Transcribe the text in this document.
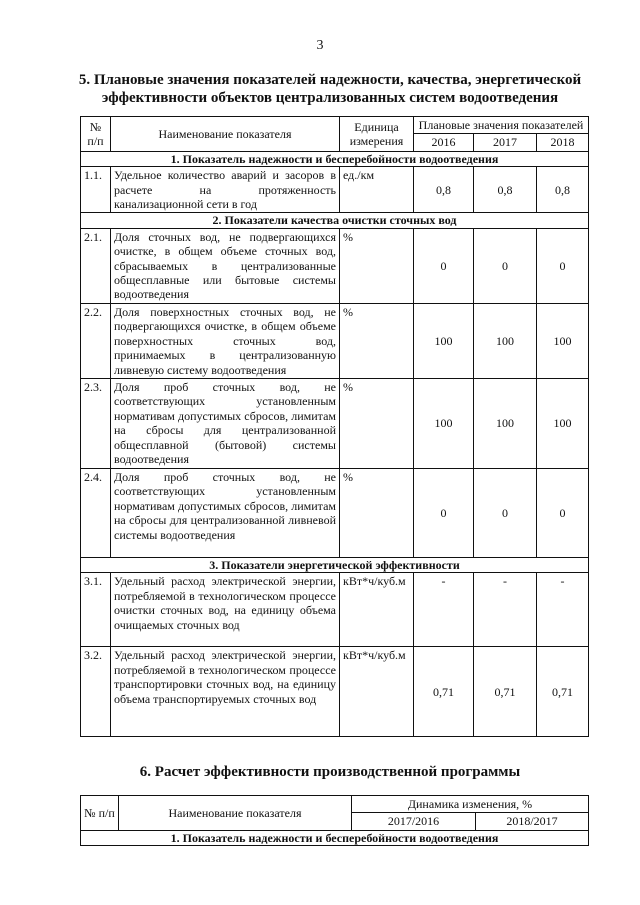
3
5. Плановые значения показателей надежности, качества, энергетической
эффективности объектов централизованных систем водоотведения
№ п/п	Наименование показателя	Единица измерения	Плановые значения показателей		
			2016	2017	2018
1. Показатель надежности и бесперебойности водоотведения					
1.1.	Удельное количество аварий и засоров в расчете на протяженность канализационной сети в год	ед./км	0,8	0,8	0,8
2. Показатели качества очистки сточных вод					
2.1.	Доля сточных вод, не подвергающихся очистке, в общем объеме сточных вод, сбрасываемых в централизованные общесплавные или бытовые системы водоотведения	%	0	0	0
2.2.	Доля поверхностных сточных вод, не подвергающихся очистке, в общем объеме поверхностных сточных вод, принимаемых в централизованную ливневую систему водоотведения	%	100	100	100
2.3.	Доля проб сточных вод, не соответствующих установленным нормативам допустимых сбросов, лимитам на сбросы для централизованной общесплавной (бытовой) системы водоотведения	%	100	100	100
2.4.	Доля проб сточных вод, не соответствующих установленным нормативам допустимых сбросов, лимитам на сбросы для централизованной ливневой системы водоотведения	%	0	0	0
3. Показатели энергетической эффективности					
3.1.	Удельный расход электрической энергии, потребляемой в технологическом процессе очистки сточных вод, на единицу объема очищаемых сточных вод	кВт*ч/куб.м	-	-	-
3.2.	Удельный расход электрической энергии, потребляемой в технологическом процессе транспортировки сточных вод, на единицу объема транспортируемых сточных вод	кВт*ч/куб.м	0,71	0,71	0,71
6. Расчет эффективности производственной программы
№ п/п	Наименование показателя	Динамика изменения, %	
		2017/2016	2018/2017
1. Показатель надежности и бесперебойности водоотведения			
